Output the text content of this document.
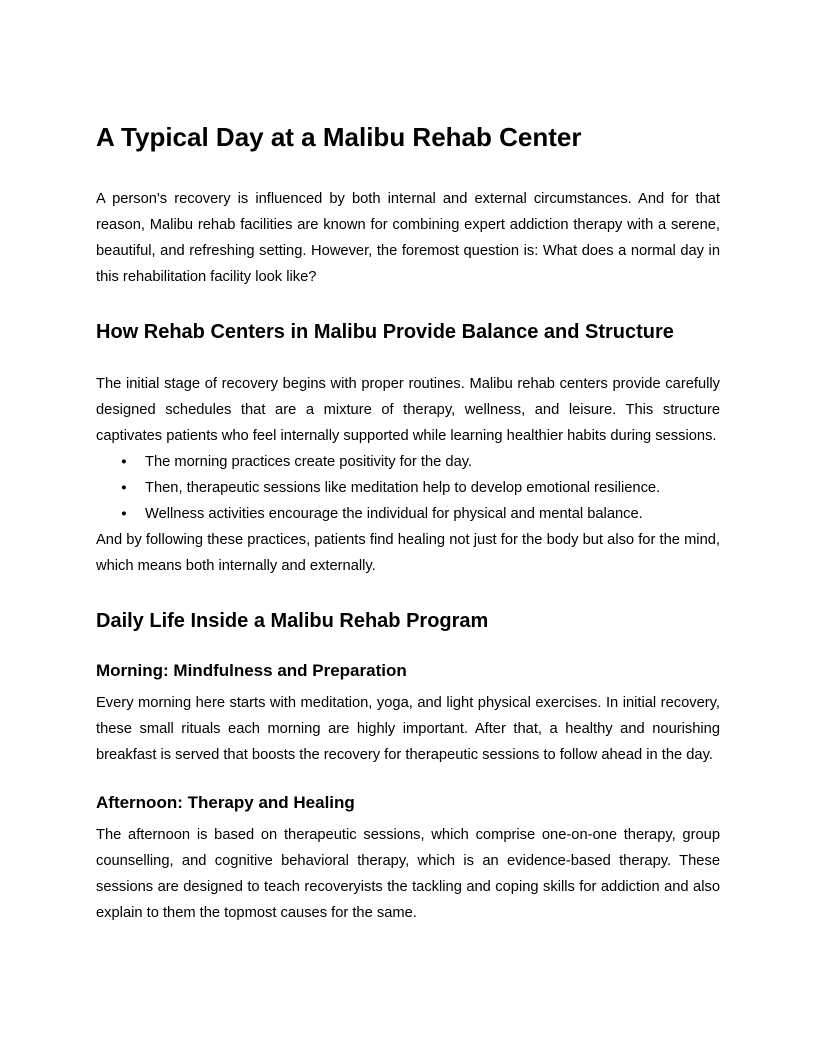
A Typical Day at a Malibu Rehab Center

A person's recovery is influenced by both internal and external circumstances. And for that reason, Malibu rehab facilities are known for combining expert addiction therapy with a serene, beautiful, and refreshing setting. However, the foremost question is: What does a normal day in this rehabilitation facility look like?

How Rehab Centers in Malibu Provide Balance and Structure

The initial stage of recovery begins with proper routines. Malibu rehab centers provide carefully designed schedules that are a mixture of therapy, wellness, and leisure. This structure captivates patients who feel internally supported while learning healthier habits during sessions.

● The morning practices create positivity for the day.
● Then, therapeutic sessions like meditation help to develop emotional resilience.
● Wellness activities encourage the individual for physical and mental balance.

And by following these practices, patients find healing not just for the body but also for the mind, which means both internally and externally.

Daily Life Inside a Malibu Rehab Program
Morning: Mindfulness and Preparation

Every morning here starts with meditation, yoga, and light physical exercises. In initial recovery, these small rituals each morning are highly important. After that, a healthy and nourishing breakfast is served that boosts the recovery for therapeutic sessions to follow ahead in the day.

Afternoon: Therapy and Healing

The afternoon is based on therapeutic sessions, which comprise one-on-one therapy, group counselling, and cognitive behavioral therapy, which is an evidence-based therapy. These sessions are designed to teach recoveryists the tackling and coping skills for addiction and also explain to them the topmost causes for the same.
